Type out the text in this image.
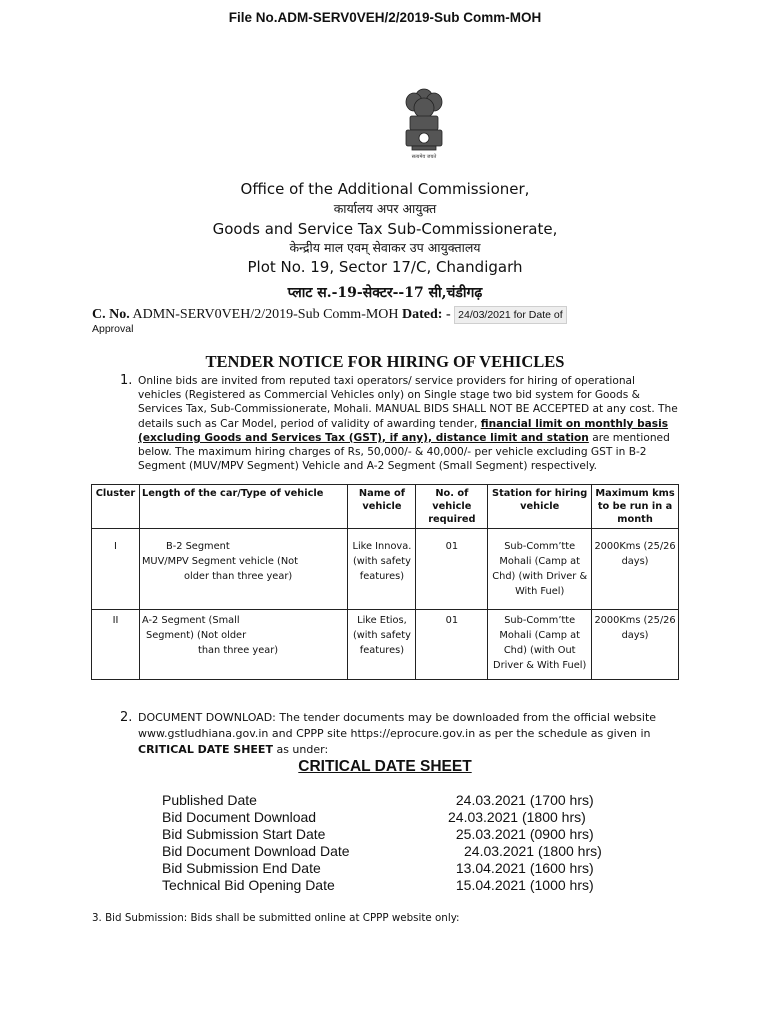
File No.ADM-SERV0VEH/2/2019-Sub Comm-MOH
सत्यमेव जयते
Office of the Additional Commissioner,
कार्यालय अपर आयुक्त
Goods and Service Tax Sub-Commissionerate,
केन्द्रीय माल एवम् सेवाकर उप आयुक्तालय
Plot No. 19, Sector 17/C, Chandigarh
प्लाट स.-19-सेक्टर--17 सी,चंडीगढ़
C. No. ADMN-SERV0VEH/2/2019-Sub Comm-MOH Dated: - 24/03/2021 for Date of
Approval
TENDER NOTICE FOR HIRING OF VEHICLES
1. Online bids are invited from reputed taxi operators/ service providers for hiring of operational vehicles (Registered as Commercial Vehicles only) on Single stage two bid system for Goods & Services Tax, Sub-Commissionerate, Mohali. MANUAL BIDS SHALL NOT BE ACCEPTED at any cost. The details such as Car Model, period of validity of awarding tender, financial limit on monthly basis (excluding Goods and Services Tax (GST), if any), distance limit and station are mentioned below. The maximum hiring charges of Rs, 50,000/- & 40,000/- per vehicle excluding GST in B-2 Segment (MUV/MPV Segment) Vehicle and A-2 Segment (Small Segment) respectively.
Cluster	Length of the car/Type of vehicle	Name of vehicle	No. of vehicle required	Station for hiring vehicle	Maximum kms to be run in a month
I	B-2 Segment
MUV/MPV Segment vehicle (Not
older than three year)	Like Innova. (with safety features)	01	Sub-Comm’tte Mohali (Camp at Chd) (with Driver & With Fuel)	2000Kms (25/26 days)
II	A-2 Segment (Small
Segment) (Not older
than three year)	Like Etios, (with safety features)	01	Sub-Comm’tte Mohali (Camp at Chd) (with Out Driver & With Fuel)	2000Kms (25/26 days)
2. DOCUMENT DOWNLOAD: The tender documents may be downloaded from the official website www.gstludhiana.gov.in and CPPP site https://eprocure.gov.in as per the schedule as given in CRITICAL DATE SHEET as under:
CRITICAL DATE SHEET
Published Date	24.03.2021 (1700 hrs)
Bid Document Download	24.03.2021 (1800 hrs)
Bid Submission Start Date	25.03.2021 (0900 hrs)
Bid Document Download Date	24.03.2021 (1800 hrs)
Bid Submission End Date	13.04.2021 (1600 hrs)
Technical Bid Opening Date	15.04.2021 (1000 hrs)
3. Bid Submission: Bids shall be submitted online at CPPP website only:
